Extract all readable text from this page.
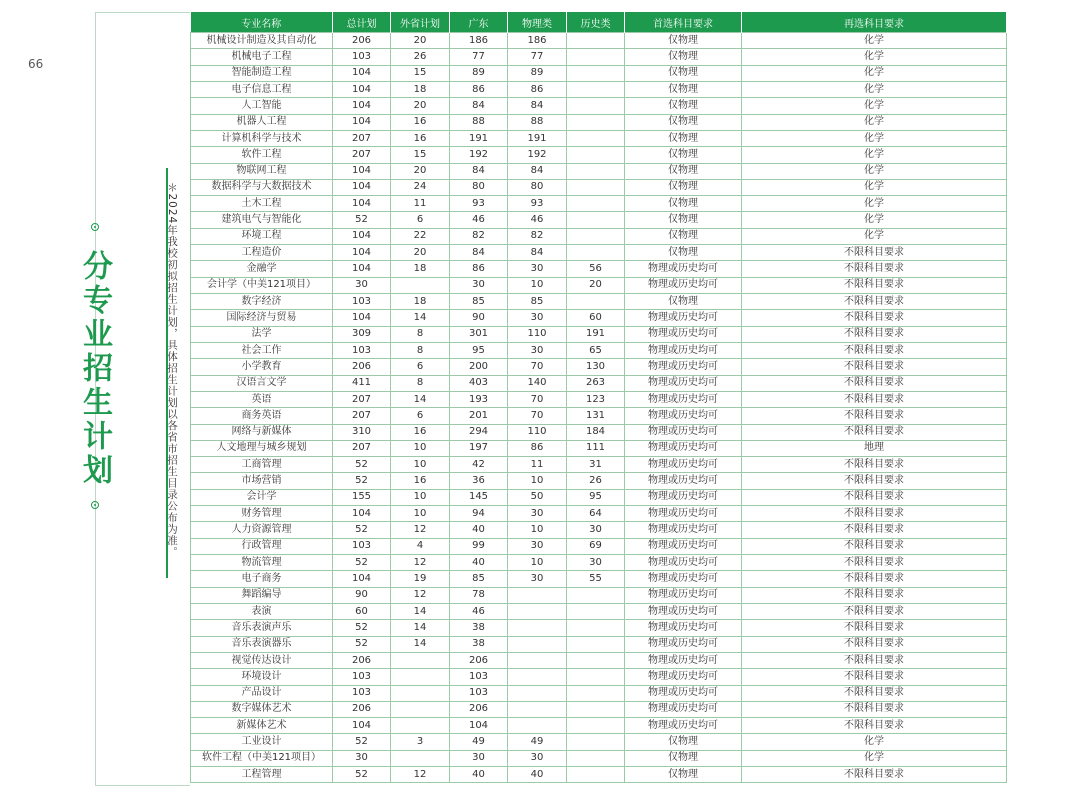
99
分专业招生计划	＊2024年我校初拟招生计划，具体招生计划以各省市招生目录公布为准。
专业名称	总计划	外省计划	广东	物理类	历史类	首选科目要求	再选科目要求
机械设计制造及其自动化	206	20	186	186		仅物理	化学
机械电子工程	103	26	77	77		仅物理	化学
智能制造工程	104	15	89	89		仅物理	化学
电子信息工程	104	18	86	86		仅物理	化学
人工智能	104	20	84	84		仅物理	化学
机器人工程	104	16	88	88		仅物理	化学
计算机科学与技术	207	16	191	191		仅物理	化学
软件工程	207	15	192	192		仅物理	化学
物联网工程	104	20	84	84		仅物理	化学
数据科学与大数据技术	104	24	80	80		仅物理	化学
土木工程	104	11	93	93		仅物理	化学
建筑电气与智能化	52	6	46	46		仅物理	化学
环境工程	104	22	82	82		仅物理	化学
工程造价	104	20	84	84		仅物理	不限科目要求
金融学	104	18	86	30	56	物理或历史均可	不限科目要求
会计学（中美121项目）	30		30	10	20	物理或历史均可	不限科目要求
数字经济	103	18	85	85		仅物理	不限科目要求
国际经济与贸易	104	14	90	30	60	物理或历史均可	不限科目要求
法学	309	8	301	110	191	物理或历史均可	不限科目要求
社会工作	103	8	95	30	65	物理或历史均可	不限科目要求
小学教育	206	6	200	70	130	物理或历史均可	不限科目要求
汉语言文学	411	8	403	140	263	物理或历史均可	不限科目要求
英语	207	14	193	70	123	物理或历史均可	不限科目要求
商务英语	207	6	201	70	131	物理或历史均可	不限科目要求
网络与新媒体	310	16	294	110	184	物理或历史均可	不限科目要求
人文地理与城乡规划	207	10	197	86	111	物理或历史均可	地理
工商管理	52	10	42	11	31	物理或历史均可	不限科目要求
市场营销	52	16	36	10	26	物理或历史均可	不限科目要求
会计学	155	10	145	50	95	物理或历史均可	不限科目要求
财务管理	104	10	94	30	64	物理或历史均可	不限科目要求
人力资源管理	52	12	40	10	30	物理或历史均可	不限科目要求
行政管理	103	4	99	30	69	物理或历史均可	不限科目要求
物流管理	52	12	40	10	30	物理或历史均可	不限科目要求
电子商务	104	19	85	30	55	物理或历史均可	不限科目要求
舞蹈编导	90	12	78			物理或历史均可	不限科目要求
表演	60	14	46			物理或历史均可	不限科目要求
音乐表演声乐	52	14	38			物理或历史均可	不限科目要求
音乐表演器乐	52	14	38			物理或历史均可	不限科目要求
视觉传达设计	206		206			物理或历史均可	不限科目要求
环境设计	103		103			物理或历史均可	不限科目要求
产品设计	103		103			物理或历史均可	不限科目要求
数字媒体艺术	206		206			物理或历史均可	不限科目要求
新媒体艺术	104		104			物理或历史均可	不限科目要求
工业设计	52	3	49	49		仅物理	化学
软件工程（中美121项目）	30		30	30		仅物理	化学
工程管理	52	12	40	40		仅物理	不限科目要求
